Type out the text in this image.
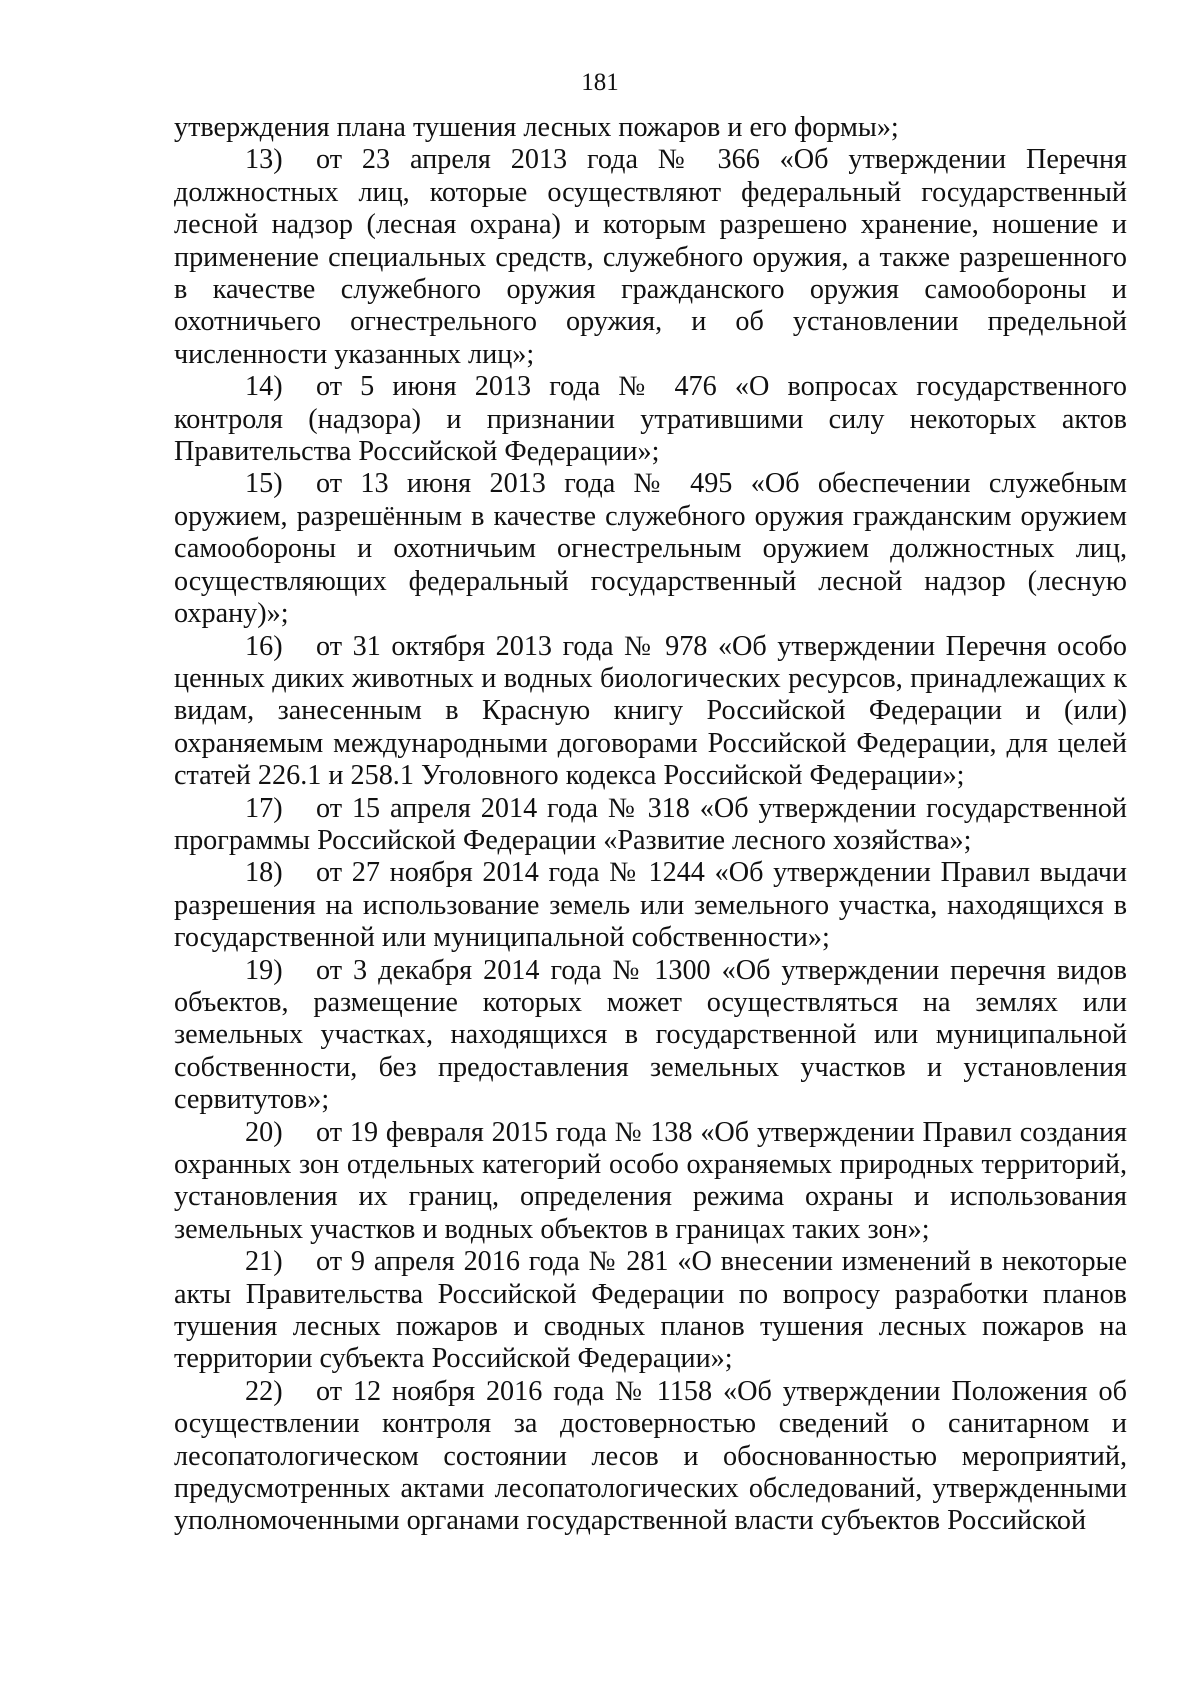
181

утверждения плана тушения лесных пожаров и его формы»;

13) от 23 апреля 2013 года № 366 «Об утверждении Перечня должностных лиц, которые осуществляют федеральный государственный лесной надзор (лесная охрана) и которым разрешено хранение, ношение и применение специальных средств, служебного оружия, а также разрешенного в качестве служебного оружия гражданского оружия самообороны и охотничьего огнестрельного оружия, и об установлении предельной численности указанных лиц»;

14) от 5 июня 2013 года № 476 «О вопросах государственного контроля (надзора) и признании утратившими силу некоторых актов Правительства Российской Федерации»;

15) от 13 июня 2013 года № 495 «Об обеспечении служебным оружием, разрешённым в качестве служебного оружия гражданским оружием самообороны и охотничьим огнестрельным оружием должностных лиц, осуществляющих федеральный государственный лесной надзор (лесную охрану)»;

16) от 31 октября 2013 года № 978 «Об утверждении Перечня особо ценных диких животных и водных биологических ресурсов, принадлежащих к видам, занесенным в Красную книгу Российской Федерации и (или) охраняемым международными договорами Российской Федерации, для целей статей 226.1 и 258.1 Уголовного кодекса Российской Федерации»;

17) от 15 апреля 2014 года № 318 «Об утверждении государственной программы Российской Федерации «Развитие лесного хозяйства»;

18) от 27 ноября 2014 года № 1244 «Об утверждении Правил выдачи разрешения на использование земель или земельного участка, находящихся в государственной или муниципальной собственности»;

19) от 3 декабря 2014 года № 1300 «Об утверждении перечня видов объектов, размещение которых может осуществляться на землях или земельных участках, находящихся в государственной или муниципальной собственности, без предоставления земельных участков и установления сервитутов»;

20) от 19 февраля 2015 года № 138 «Об утверждении Правил создания охранных зон отдельных категорий особо охраняемых природных территорий, установления их границ, определения режима охраны и использования земельных участков и водных объектов в границах таких зон»;

21) от 9 апреля 2016 года № 281 «О внесении изменений в некоторые акты Правительства Российской Федерации по вопросу разработки планов тушения лесных пожаров и сводных планов тушения лесных пожаров на территории субъекта Российской Федерации»;

22) от 12 ноября 2016 года № 1158 «Об утверждении Положения об осуществлении контроля за достоверностью сведений о санитарном и лесопатологическом состоянии лесов и обоснованностью мероприятий, предусмотренных актами лесопатологических обследований, утвержденными уполномоченными органами государственной власти субъектов Российской
